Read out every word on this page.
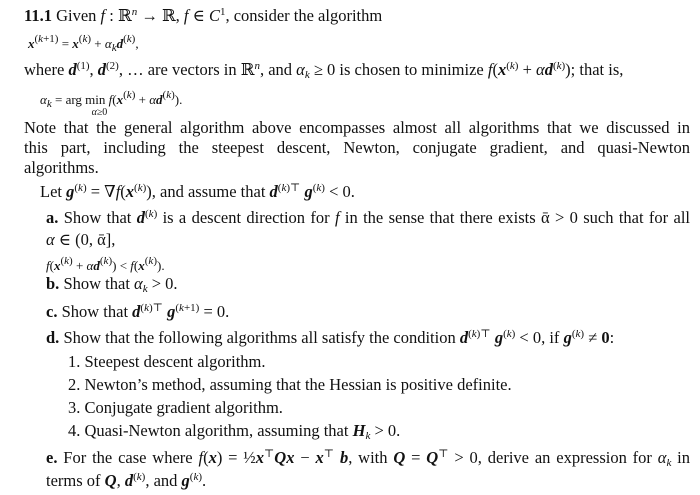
11.1 Given f : ℝ$^n$ → ℝ, f ∈ $C^1$, consider the algorithm
$x^{(k+1)} = x^{(k)} + \alpha_kd^{(k)}$,
where $d^{(1)}$, $d^{(2)}$, … are vectors in ℝ$^n$, and $\alpha_k \ge 0$ is chosen to minimize $f(x^{(k)} + \alpha d^{(k)})$; that is,
$\alpha_k$ = arg min
α≥0
$f(x^{(k)} + \alpha d^{(k)})$.
Note that the general algorithm above encompasses almost all algorithms that we discussed in
this part, including the steepest descent, Newton, conjugate gradient, and quasi-Newton
algorithms.
Let $g^{(k)} = \nabla f(x^{(k)})$, and assume that $d^{(k)⊤}$ $g^{(k)} < 0$.
a. Show that $d^{(k)}$ is a descent direction for f in the sense that there exists ᾱ > 0 such that for all
α ∈ (0, ᾱ],
$f(x^{(k)} + \alpha d^{(k)}) < f(x^{(k)})$.
b. Show that $\alpha_k > 0$.
c. Show that $d^{(k)⊤}$ $g^{(k+1)} = 0$.
d. Show that the following algorithms all satisfy the condition $d^{(k)⊤}$ $g^{(k)} < 0$, if $g^{(k)} \ne 0$:
1. Steepest descent algorithm.
2. Newton’s method, assuming that the Hessian is positive definite.
3. Conjugate gradient algorithm.
4. Quasi-Newton algorithm, assuming that $H_k > 0$.
e. For the case where f(x) = ½x⊤Qx − x⊤ b, with Q = Q⊤ > 0, derive an expression for $\alpha_k$ in
terms of Q, $d^{(k)}$, and $g^{(k)}$.
